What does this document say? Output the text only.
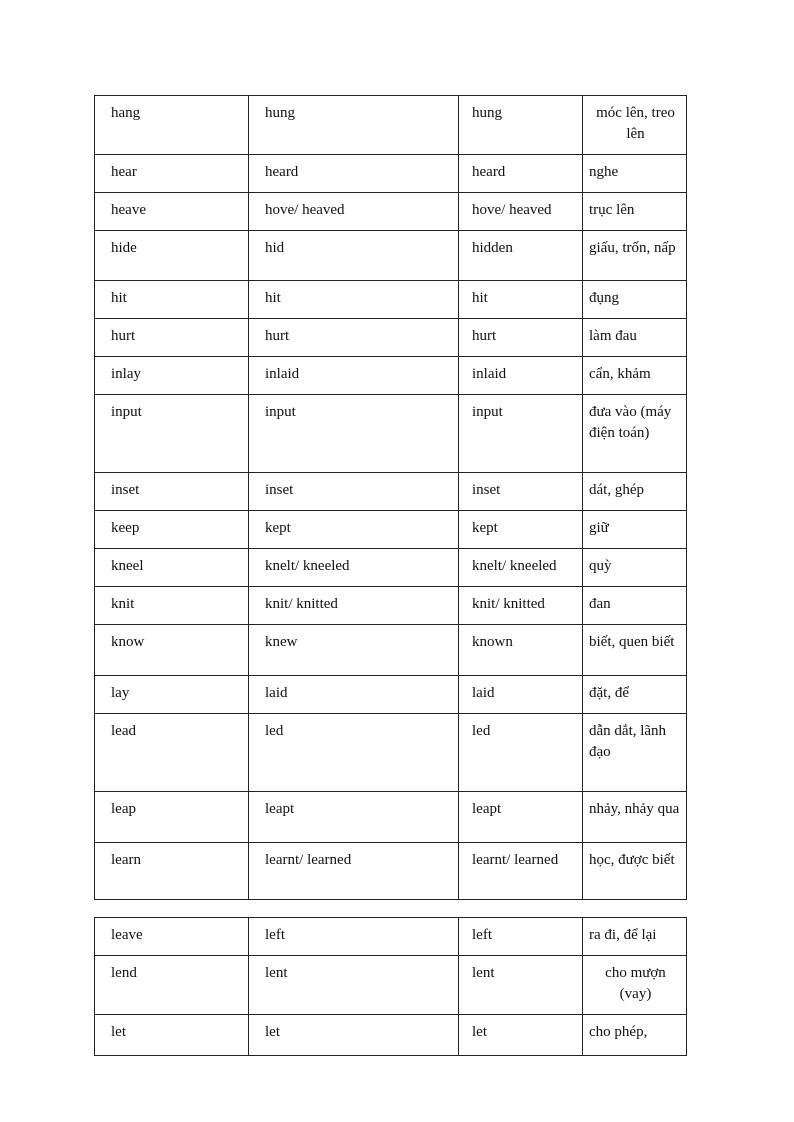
hang	hung	hung	móc lên, treo lên
hear	heard	heard	nghe
heave	hove/ heaved	hove/ heaved	trục lên
hide	hid	hidden	giấu, trốn, nấp
hit	hit	hit	đụng
hurt	hurt	hurt	làm đau
inlay	inlaid	inlaid	cẩn, khảm
input	input	input	đưa vào (máy điện toán)
inset	inset	inset	dát, ghép
keep	kept	kept	giữ
kneel	knelt/ kneeled	knelt/ kneeled	quỳ
knit	knit/ knitted	knit/ knitted	đan
know	knew	known	biết, quen biết
lay	laid	laid	đặt, để
lead	led	led	dẫn dắt, lãnh đạo
leap	leapt	leapt	nhảy, nhảy qua
learn	learnt/ learned	learnt/ learned	học, được biết
leave	left	left	ra đi, để lại
lend	lent	lent	cho mượn (vay)
let	let	let	cho phép,
